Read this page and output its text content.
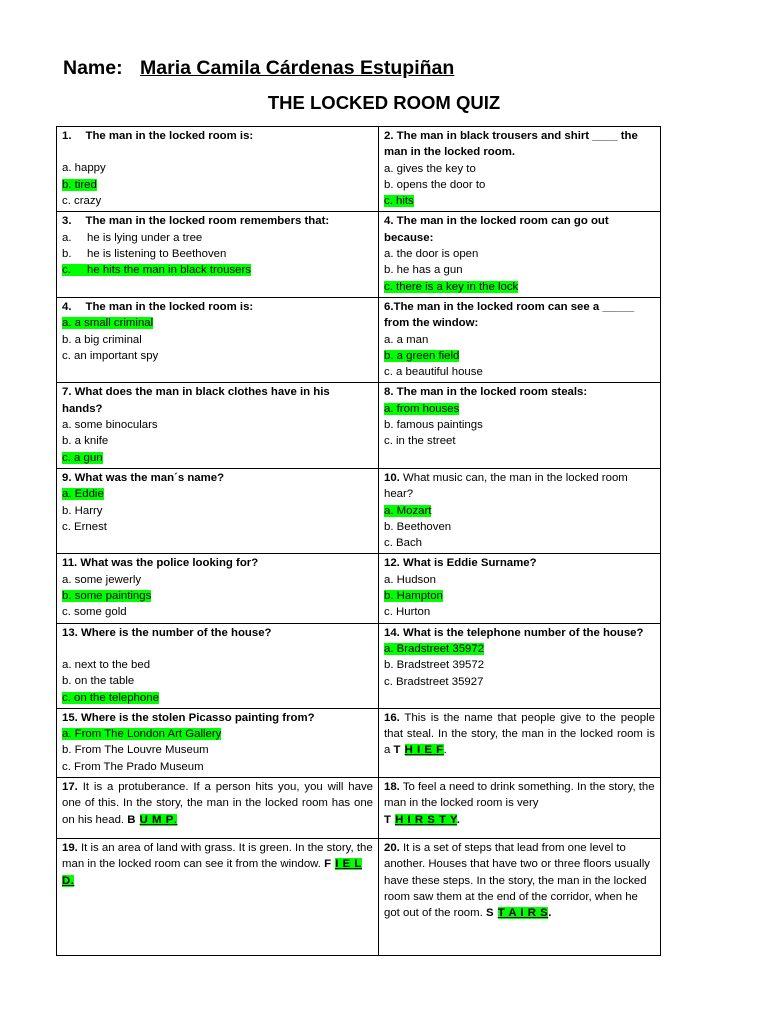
Name: Maria Camila Cárdenas Estupiñan
THE LOCKED ROOM QUIZ
1. The man in the locked room is:
a. happy
b. tired
c. crazy	2. The man in black trousers and shirt ____ the man in the locked room.
a. gives the key to
b. opens the door to
c. hits

3. The man in the locked room remembers that:
a. he is lying under a tree
b. he is listening to Beethoven
c. he hits the man in black trousers	4. The man in the locked room can go out because:
a. the door is open
b. he has a gun
c. there is a key in the lock

4. The man in the locked room is:
a. a small criminal
b. a big criminal
c. an important spy	6.The man in the locked room can see a _____ from the window:
a. a man
b. a green field
c. a beautiful house

7. What does the man in black clothes have in his hands?
a. some binoculars
b. a knife
c. a gun	8. The man in the locked room steals:
a. from houses
b. famous paintings
c. in the street

9. What was the man´s name?
a. Eddie
b. Harry
c. Ernest	10. What music can, the man in the locked room hear?
a. Mozart
b. Beethoven
c. Bach

11. What was the police looking for?
a. some jewerly
b. some paintings
c. some gold	12. What is Eddie Surname?
a. Hudson
b. Hampton
c. Hurton

13. Where is the number of the house?
a. next to the bed
b. on the table
c. on the telephone	14. What is the telephone number of the house?
a. Bradstreet 35972
b. Bradstreet 39572
c. Bradstreet 35927

15. Where is the stolen Picasso painting from?
a. From The London Art Gallery
b. From The Louvre Museum
c. From The Prado Museum	16. This is the name that people give to the people that steal. In the story, the man in the locked room is a T H I E F.
17. It is a protuberance. If a person hits you, you will have one of this. In the story, the man in the locked room has one on his head. B U M P.	18. To feel a need to drink something. In the story, the man in the locked room is very
T H I R S T Y.
19. It is an area of land with grass. It is green. In the story, the man in the locked room can see it from the window. F I E L D.	20. It is a set of steps that lead from one level to another. Houses that have two or three floors usually have these steps. In the story, the man in the locked room saw them at the end of the corridor, when he got out of the room. S T A I R S.
